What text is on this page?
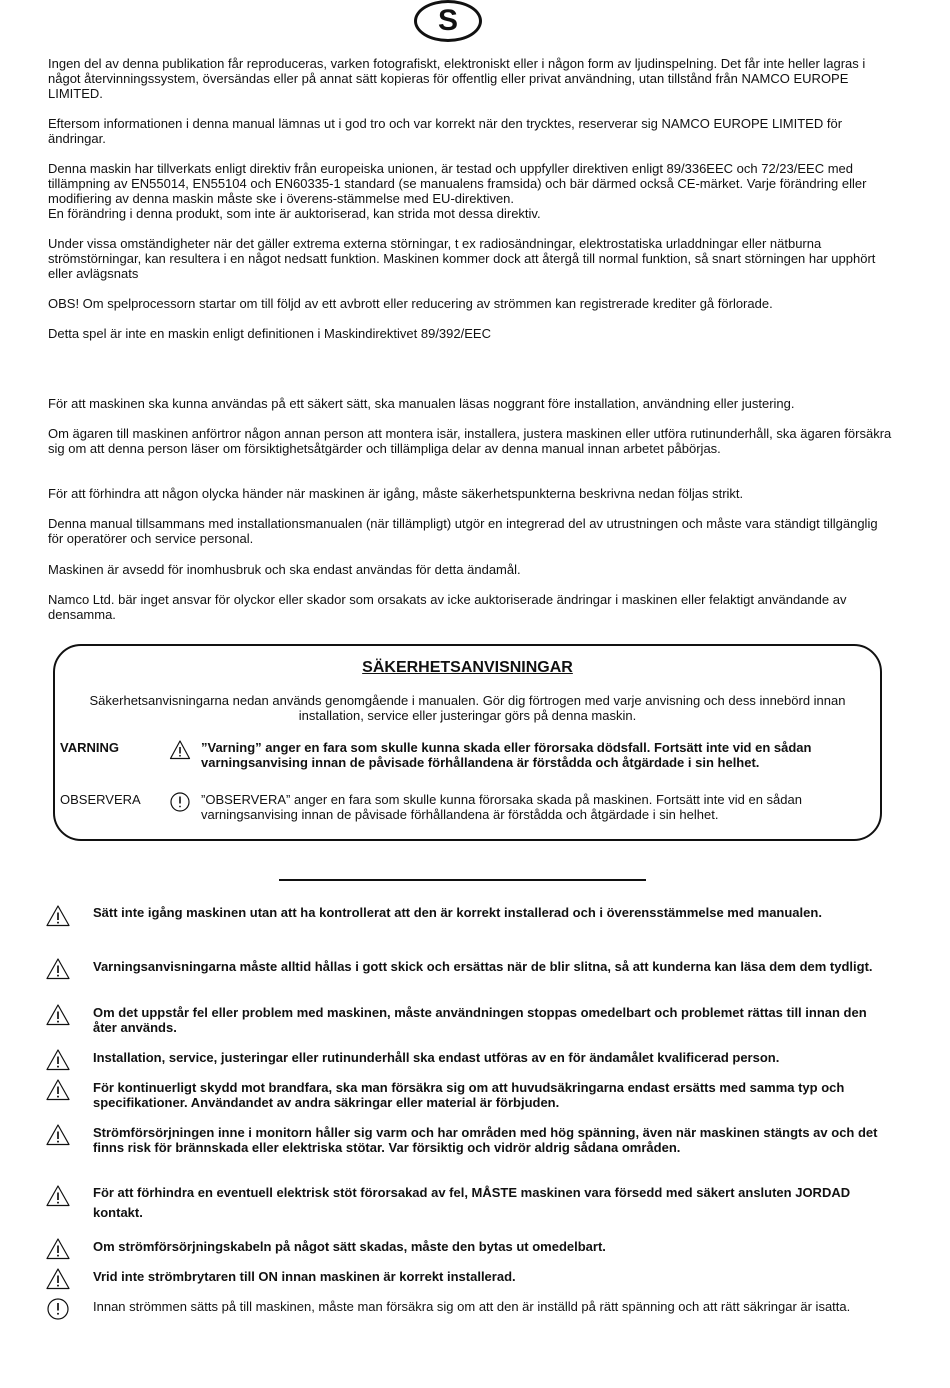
S

Ingen del av denna publikation får reproduceras, varken fotografiskt, elektroniskt eller i någon form av ljudinspelning. Det får inte heller lagras i något återvinningssystem, översändas eller på annat sätt kopieras för offentlig eller privat användning, utan tillstånd från NAMCO EUROPE LIMITED.

Eftersom informationen i denna manual lämnas ut i god tro och var korrekt när den trycktes, reserverar sig NAMCO EUROPE LIMITED för ändringar.

Denna maskin har tillverkats enligt direktiv från europeiska unionen, är testad och uppfyller direktiven enligt 89/336EEC och 72/23/EEC med tillämpning av EN55014, EN55104 och EN60335-1 standard (se manualens framsida) och bär därmed också CE-märket. Varje förändring eller modifiering av denna maskin måste ske i överens-stämmelse med EU-direktiven.

En förändring i denna produkt, som inte är auktoriserad, kan strida mot dessa direktiv.

Under vissa omständigheter när det gäller extrema externa störningar, t ex radiosändningar, elektrostatiska urladdningar eller nätburna strömstörningar, kan resultera i en något nedsatt funktion. Maskinen kommer dock att återgå till normal funktion, så snart störningen har upphört eller avlägsnats

OBS! Om spelprocessorn startar om till följd av ett avbrott eller reducering av strömmen kan registrerade krediter gå förlorade.

Detta spel är inte en maskin enligt definitionen i Maskindirektivet 89/392/EEC

För att maskinen ska kunna användas på ett säkert sätt, ska manualen läsas noggrant före installation, användning eller justering.

Om ägaren till maskinen anförtror någon annan person att montera isär, installera, justera maskinen eller utföra rutinunderhåll, ska ägaren försäkra sig om att denna person läser om försiktighetsåtgärder och tillämpliga delar av denna manual innan arbetet påbörjas.

För att förhindra att någon olycka händer när maskinen är igång, måste säkerhetspunkterna beskrivna nedan följas strikt.

Denna manual tillsammans med installationsmanualen (när tillämpligt) utgör en integrerad del av utrustningen och måste vara ständigt tillgänglig för operatörer och service personal.

Maskinen är avsedd för inomhusbruk och ska endast användas för detta ändamål.

Namco Ltd. bär inget ansvar för olyckor eller skador som orsakats av icke auktoriserade ändringar i maskinen eller felaktigt användande av densamma.

SÄKERHETSANVISNINGAR
Säkerhetsanvisningarna nedan används genomgående i manualen. Gör dig förtrogen med varje anvisning och dess innebörd innan installation, service eller justeringar görs på denna maskin.
VARNING	”Varning” anger en fara som skulle kunna skada eller förorsaka dödsfall. Fortsätt inte vid en sådan varningsanvising innan de påvisade förhållandena är förstådda och åtgärdade i sin helhet.
OBSERVERA	”OBSERVERA” anger en fara som skulle kunna förorsaka skada på maskinen. Fortsätt inte vid en sådan varningsanvising innan de påvisade förhållandena är förstådda och åtgärdade i sin helhet.
Sätt inte igång maskinen utan att ha kontrollerat att den är korrekt installerad och i överensstämmelse med manualen.
Varningsanvisningarna måste alltid hållas i gott skick och ersättas när de blir slitna, så att kunderna kan läsa dem dem tydligt.
Om det uppstår fel eller problem med maskinen, måste användningen stoppas omedelbart och problemet rättas till innan den åter används.
Installation, service, justeringar eller rutinunderhåll ska endast utföras av en för ändamålet kvalificerad person.
För kontinuerligt skydd mot brandfara, ska man försäkra sig om att huvudsäkringarna endast ersätts med samma typ och specifikationer. Användandet av andra säkringar eller material är förbjuden.
Strömförsörjningen inne i monitorn håller sig varm och har områden med hög spänning, även när maskinen stängts av och det finns risk för brännskada eller elektriska stötar. Var försiktig och vidrör aldrig sådana områden.
För att förhindra en eventuell elektrisk stöt förorsakad av fel, MÅSTE maskinen vara försedd med säkert ansluten JORDAD kontakt.
Om strömförsörjningskabeln på något sätt skadas, måste den bytas ut omedelbart.
Vrid inte strömbrytaren till ON innan maskinen är korrekt installerad.
Innan strömmen sätts på till maskinen, måste man försäkra sig om att den är inställd på rätt spänning och att rätt säkringar är isatta.
